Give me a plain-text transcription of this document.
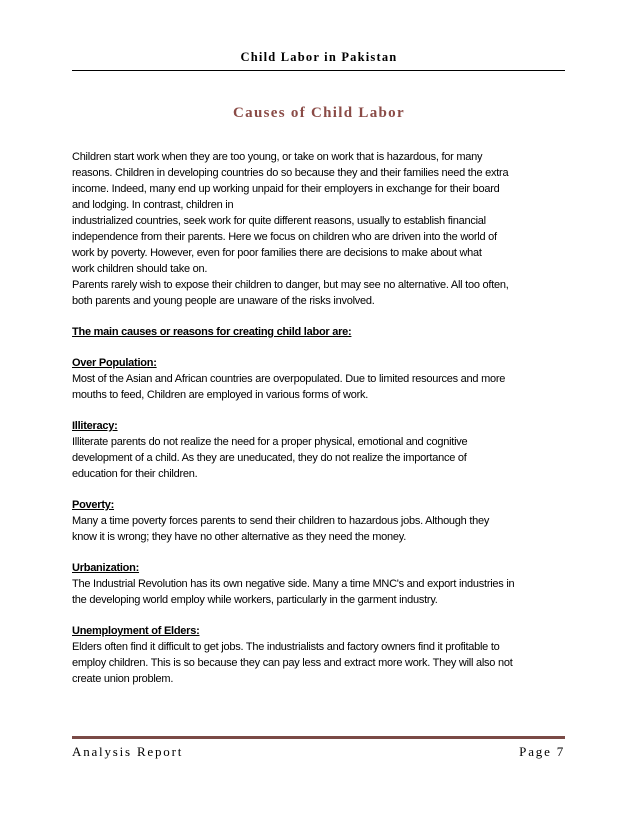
Child Labor in Pakistan
Causes of Child Labor

Children start work when they are too young, or take on work that is hazardous, for many
reasons. Children in developing countries do so because they and their families need the extra
income. Indeed, many end up working unpaid for their employers in exchange for their board
and lodging. In contrast, children in
industrialized countries, seek work for quite different reasons, usually to establish financial
independence from their parents. Here we focus on children who are driven into the world of
work by poverty. However, even for poor families there are decisions to make about what
work children should take on.
Parents rarely wish to expose their children to danger, but may see no alternative. All too often,
both parents and young people are unaware of the risks involved.

The main causes or reasons for creating child labor are:

Over Population:
Most of the Asian and African countries are overpopulated. Due to limited resources and more
mouths to feed, Children are employed in various forms of work.

Illiteracy:
Illiterate parents do not realize the need for a proper physical, emotional and cognitive
development of a child. As they are uneducated, they do not realize the importance of
education for their children.

Poverty:
Many a time poverty forces parents to send their children to hazardous jobs. Although they
know it is wrong; they have no other alternative as they need the money.

Urbanization:
The Industrial Revolution has its own negative side. Many a time MNC's and export industries in
the developing world employ while workers, particularly in the garment industry.

Unemployment of Elders:
Elders often find it difficult to get jobs. The industrialists and factory owners find it profitable to
employ children. This is so because they can pay less and extract more work. They will also not
create union problem.

Analysis Report	Page 7
